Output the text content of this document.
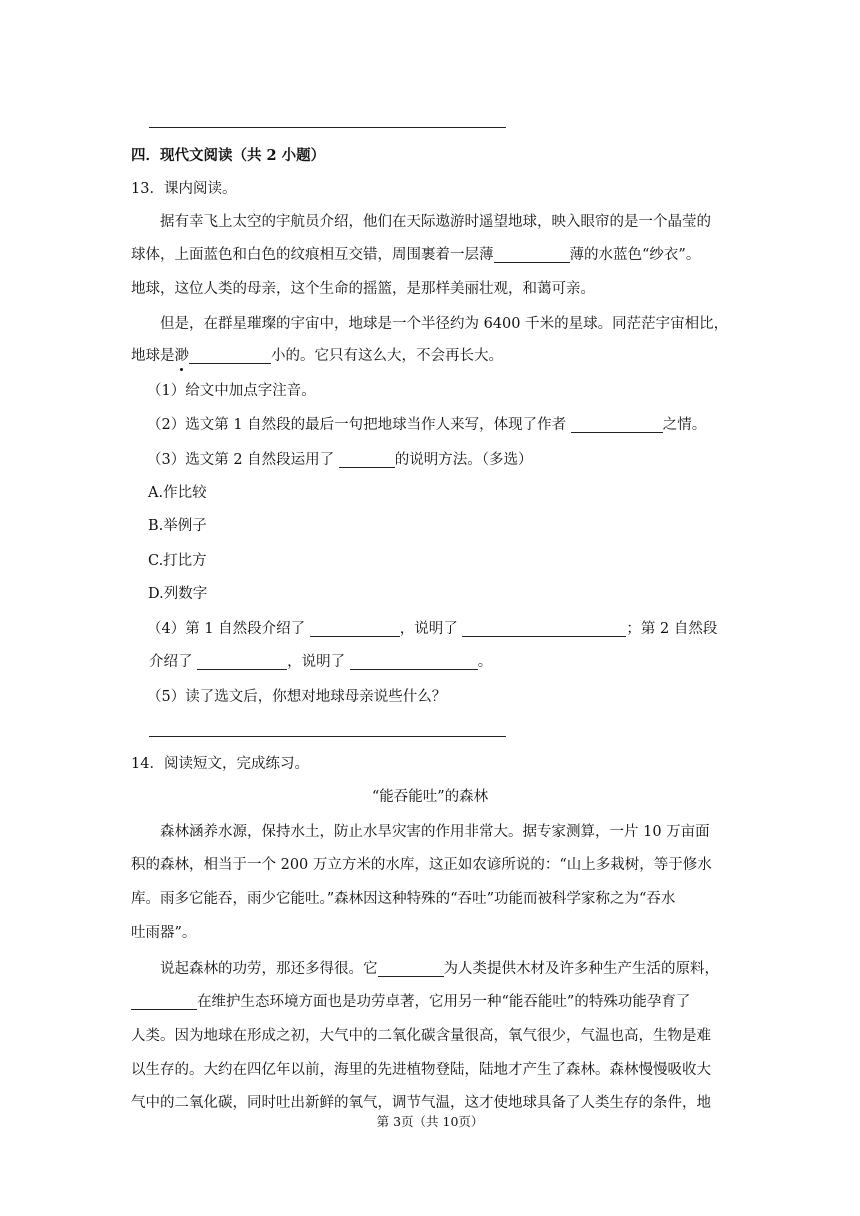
四．现代文阅读（共 2 小题）
13．课内阅读。
据有幸飞上太空的宇航员介绍，他们在天际遨游时遥望地球，映入眼帘的是一个晶莹的
球体，上面蓝色和白色的纹痕相互交错，周围裹着一层薄	薄的水蓝色“纱衣”。
地球，这位人类的母亲，这个生命的摇篮，是那样美丽壮观，和蔼可亲。
但是，在群星璀璨的宇宙中，地球是一个半径约为 6400 千米的星球。同茫茫宇宙相比，
地球是渺	小的。它只有这么大，不会再长大。
（1）给文中加点字注音。
（2）选文第 1 自然段的最后一句把地球当作人来写，体现了作者	之情。
（3）选文第 2 自然段运用了	的说明方法。（多选）
A.作比较
B.举例子
C.打比方
D.列数字
（4）第 1 自然段介绍了	，说明了	；第 2 自然段
介绍了	，说明了	。
（5）读了选文后，你想对地球母亲说些什么？
14．阅读短文，完成练习。
“能吞能吐”的森林
森林涵养水源，保持水土，防止水旱灾害的作用非常大。据专家测算，一片 10 万亩面
积的森林，相当于一个 200 万立方米的水库，这正如农谚所说的：“山上多栽树，等于修水
库。雨多它能吞，雨少它能吐。”森林因这种特殊的“吞吐”功能而被科学家称之为“吞水
吐雨器”。
说起森林的功劳，那还多得很。它	为人类提供木材及许多种生产生活的原料，
在维护生态环境方面也是功劳卓著，它用另一种“能吞能吐”的特殊功能孕育了
人类。因为地球在形成之初，大气中的二氧化碳含量很高，氧气很少，气温也高，生物是难
以生存的。大约在四亿年以前，海里的先进植物登陆，陆地才产生了森林。森林慢慢吸收大
气中的二氧化碳，同时吐出新鲜的氧气，调节气温，这才使地球具备了人类生存的条件，地
第 3页（共 10页）
